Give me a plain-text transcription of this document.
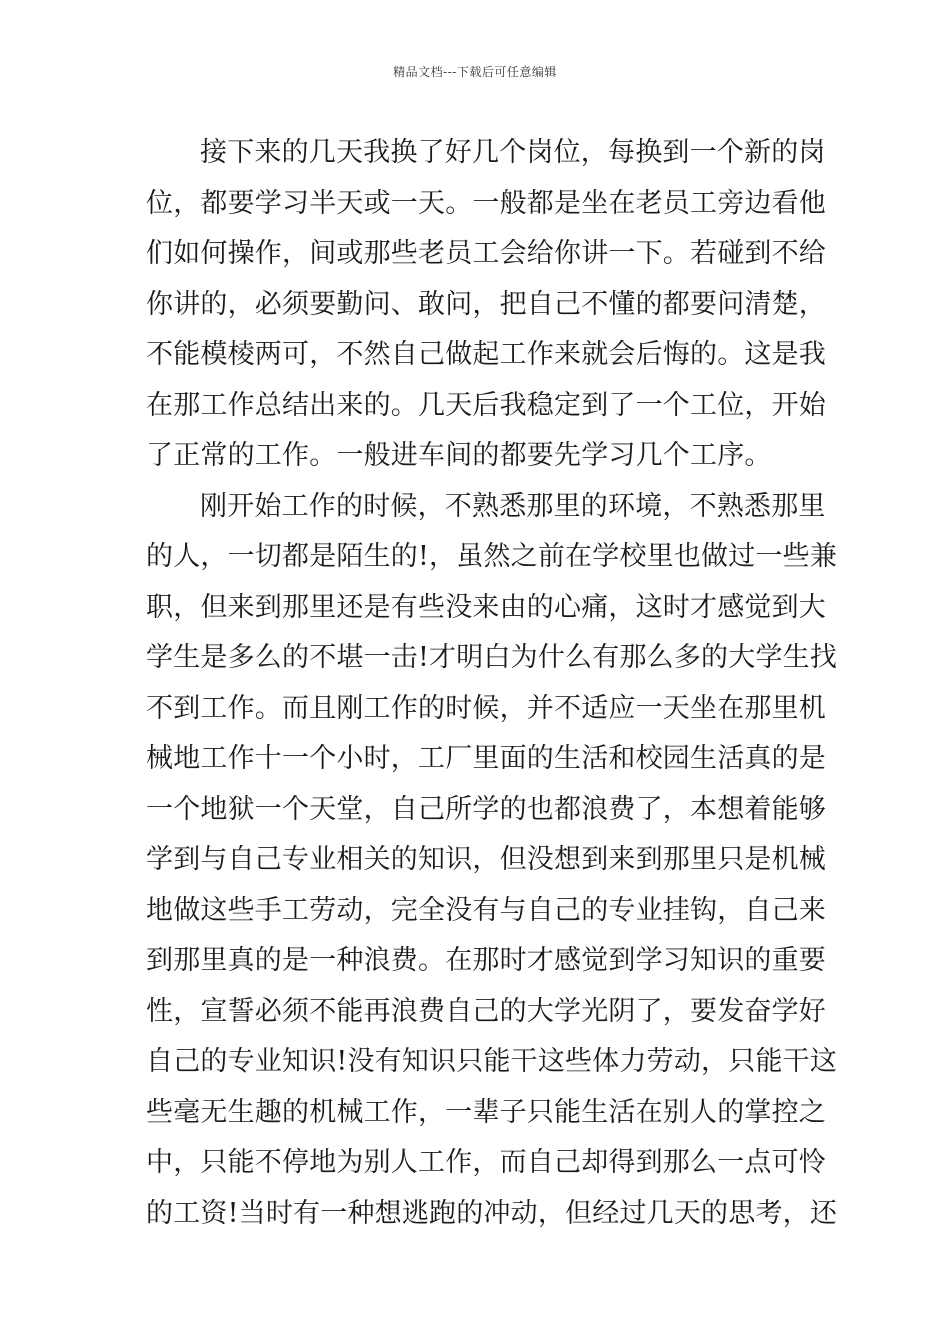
精品文档---下载后可任意编辑
接下来的几天我换了好几个岗位，每换到一个新的岗
位，都要学习半天或一天。一般都是坐在老员工旁边看他
们如何操作，间或那些老员工会给你讲一下。若碰到不给
你讲的，必须要勤问、敢问，把自己不懂的都要问清楚，
不能模棱两可，不然自己做起工作来就会后悔的。这是我
在那工作总结出来的。几天后我稳定到了一个工位，开始
了正常的工作。一般进车间的都要先学习几个工序。
刚开始工作的时候，不熟悉那里的环境，不熟悉那里
的人，一切都是陌生的!，虽然之前在学校里也做过一些兼
职，但来到那里还是有些没来由的心痛，这时才感觉到大
学生是多么的不堪一击!才明白为什么有那么多的大学生找
不到工作。而且刚工作的时候，并不适应一天坐在那里机
械地工作十一个小时，工厂里面的生活和校园生活真的是
一个地狱一个天堂，自己所学的也都浪费了，本想着能够
学到与自己专业相关的知识，但没想到来到那里只是机械
地做这些手工劳动，完全没有与自己的专业挂钩，自己来
到那里真的是一种浪费。在那时才感觉到学习知识的重要
性，宣誓必须不能再浪费自己的大学光阴了，要发奋学好
自己的专业知识!没有知识只能干这些体力劳动，只能干这
些毫无生趣的机械工作，一辈子只能生活在别人的掌控之
中，只能不停地为别人工作，而自己却得到那么一点可怜
的工资!当时有一种想逃跑的冲动，但经过几天的思考，还
